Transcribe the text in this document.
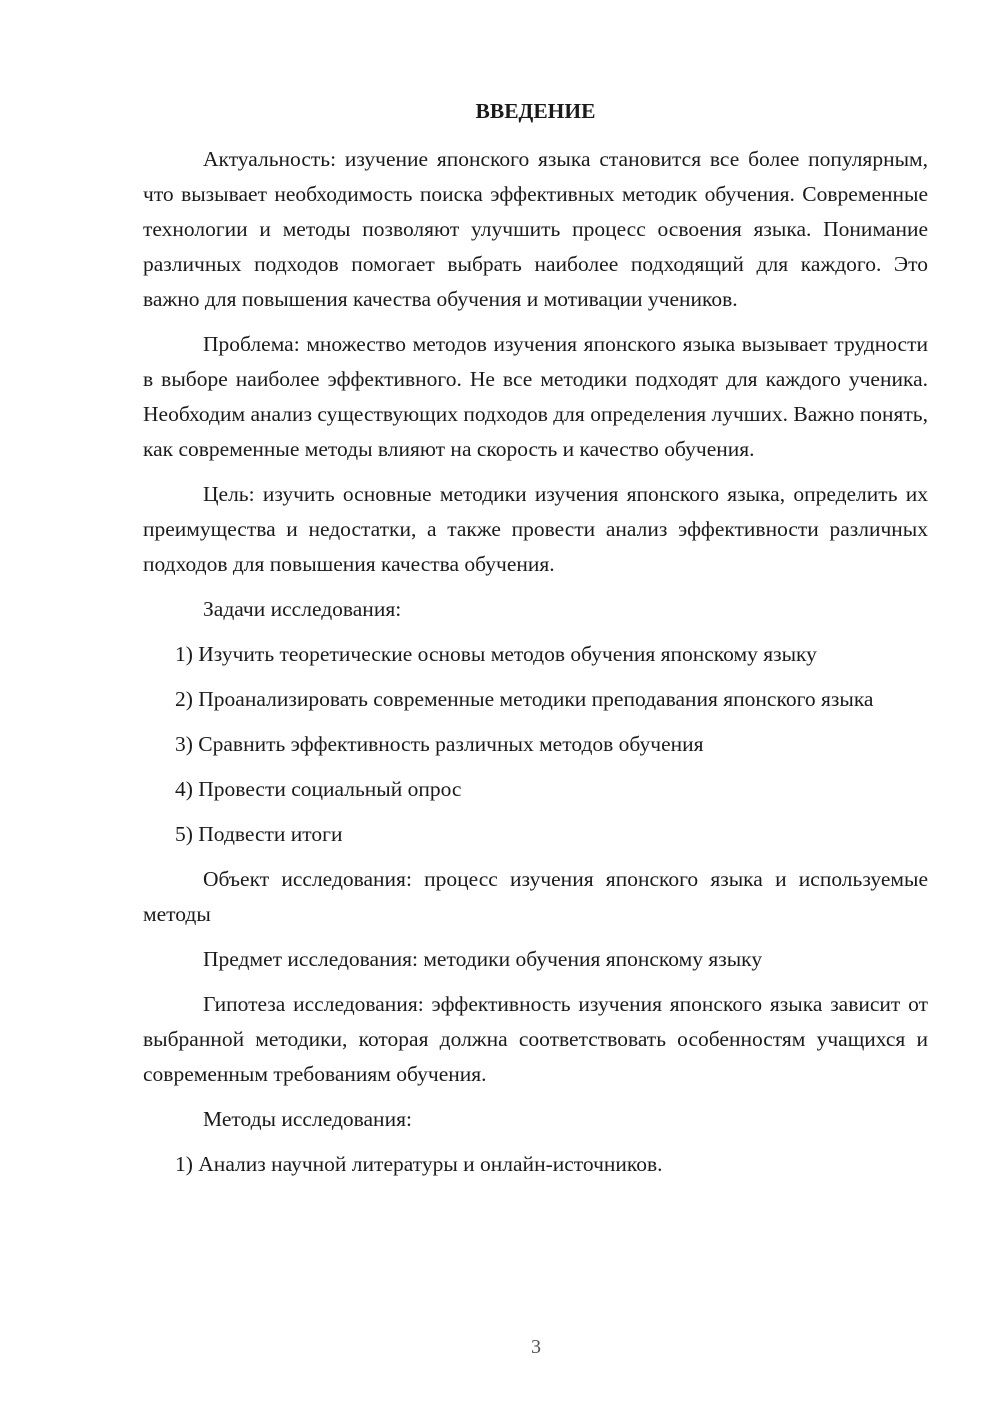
ВВЕДЕНИЕ

Актуальность: изучение японского языка становится все более популярным, что вызывает необходимость поиска эффективных методик обучения. Современные технологии и методы позволяют улучшить процесс освоения языка. Понимание различных подходов помогает выбрать наиболее подходящий для каждого. Это важно для повышения качества обучения и мотивации учеников.

Проблема: множество методов изучения японского языка вызывает трудности в выборе наиболее эффективного. Не все методики подходят для каждого ученика. Необходим анализ существующих подходов для определения лучших. Важно понять, как современные методы влияют на скорость и качество обучения.

Цель: изучить основные методики изучения японского языка, определить их преимущества и недостатки, а также провести анализ эффективности различных подходов для повышения качества обучения.

Задачи исследования:

1) Изучить теоретические основы методов обучения японскому языку

2) Проанализировать современные методики преподавания японского языка

3) Сравнить эффективность различных методов обучения

4) Провести социальный опрос

5) Подвести итоги

Объект исследования: процесс изучения японского языка и используемые методы

Предмет исследования: методики обучения японскому языку

Гипотеза исследования: эффективность изучения японского языка зависит от выбранной методики, которая должна соответствовать особенностям учащихся и современным требованиям обучения.

Методы исследования:

1) Анализ научной литературы и онлайн-источников.

3
